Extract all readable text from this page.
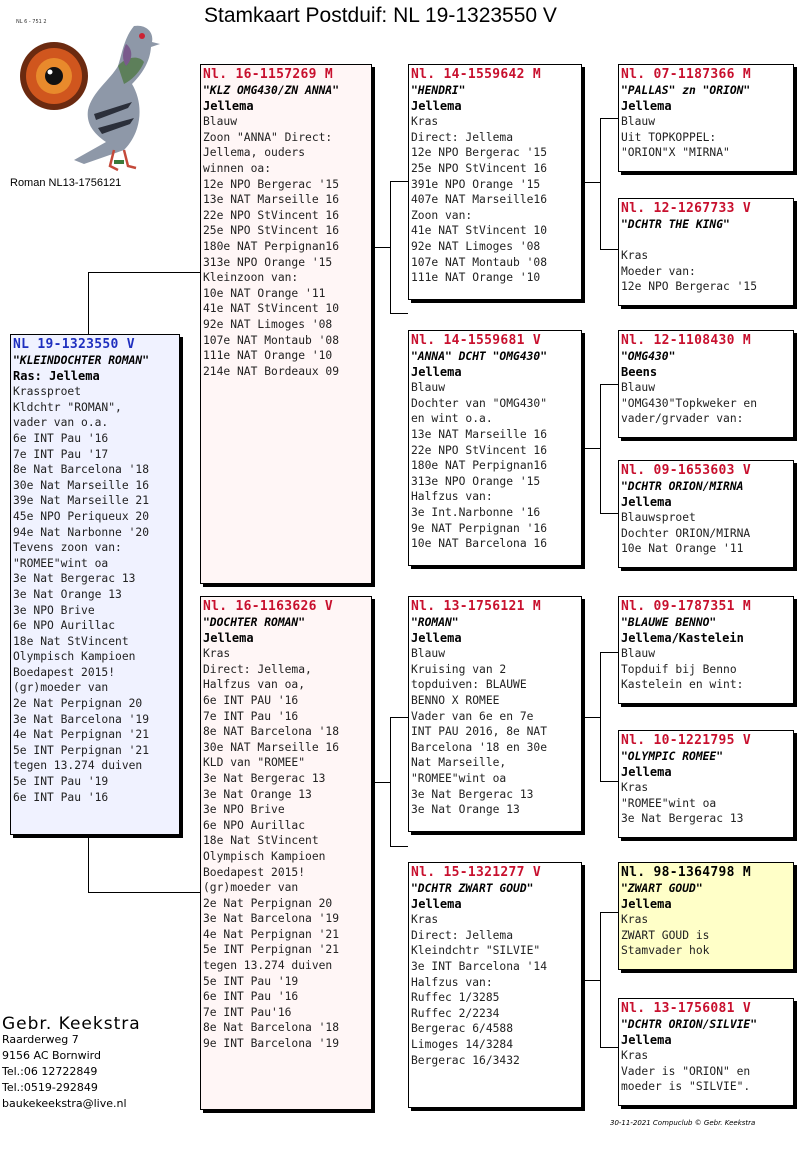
Stamkaart Postduif: NL 19-1323550 V
NL 6 - 751 2
Roman NL13-1756121
NL 19-1323550 V
"KLEINDOCHTER ROMAN"
Ras: Jellema
Krassproet
Kldchtr "ROMAN",
vader van o.a.
6e INT Pau '16
7e INT Pau '17
8e Nat Barcelona '18
30e Nat Marseille 16
39e Nat Marseille 21
45e NPO Periqueux 20
94e Nat Narbonne '20
Tevens zoon van:
"ROMEE"wint oa
3e Nat Bergerac 13
3e Nat Orange 13
3e NPO Brive
6e NPO Aurillac
18e Nat StVincent
Olympisch Kampioen
Boedapest 2015!
(gr)moeder van
2e Nat Perpignan 20
3e Nat Barcelona '19
4e Nat Perpignan '21
5e INT Perpignan '21
tegen 13.274 duiven
5e INT Pau '19
6e INT Pau '16
Nl. 16-1157269 M
"KLZ OMG430/ZN ANNA"
Jellema
Blauw
Zoon "ANNA" Direct:
Jellema, ouders
winnen oa:
12e NPO Bergerac '15
13e NAT Marseille 16
22e NPO StVincent 16
25e NPO StVincent 16
180e NAT Perpignan16
313e NPO Orange '15
Kleinzoon van:
10e NAT Orange '11
41e NAT StVincent 10
92e NAT Limoges '08
107e NAT Montaub '08
111e NAT Orange '10
214e NAT Bordeaux 09
Nl. 16-1163626 V
"DOCHTER ROMAN"
Jellema
Kras
Direct: Jellema,
Halfzus van oa,
6e INT PAU '16
7e INT Pau '16
8e NAT Barcelona '18
30e NAT Marseille 16
KLD van "ROMEE"
3e Nat Bergerac 13
3e Nat Orange 13
3e NPO Brive
6e NPO Aurillac
18e Nat StVincent
Olympisch Kampioen
Boedapest 2015!
(gr)moeder van
2e Nat Perpignan 20
3e Nat Barcelona '19
4e Nat Perpignan '21
5e INT Perpignan '21
tegen 13.274 duiven
5e INT Pau '19
6e INT Pau '16
7e INT Pau'16
8e Nat Barcelona '18
9e INT Barcelona '19
Nl. 14-1559642 M
"HENDRI"
Jellema
Kras
Direct: Jellema
12e NPO Bergerac '15
25e NPO StVincent 16
391e NPO Orange '15
407e NAT Marseille16
Zoon van:
41e NAT StVincent 10
92e NAT Limoges '08
107e NAT Montaub '08
111e NAT Orange '10
Nl. 14-1559681 V
"ANNA" DCHT "OMG430"
Jellema
Blauw
Dochter van "OMG430"
en wint o.a.
13e NAT Marseille 16
22e NPO StVincent 16
180e NAT Perpignan16
313e NPO Orange '15
Halfzus van:
3e Int.Narbonne '16
9e NAT Perpignan '16
10e NAT Barcelona 16
Nl. 13-1756121 M
"ROMAN"
Jellema
Blauw
Kruising van 2
topduiven: BLAUWE
BENNO X ROMEE
Vader van 6e en 7e
INT PAU 2016, 8e NAT
Barcelona '18 en 30e
Nat Marseille,
"ROMEE"wint oa
3e Nat Bergerac 13
3e Nat Orange 13
Nl. 15-1321277 V
"DCHTR ZWART GOUD"
Jellema
Kras
Direct: Jellema
Kleindchtr "SILVIE"
3e INT Barcelona '14
Halfzus van:
Ruffec 1/3285
Ruffec 2/2234
Bergerac 6/4588
Limoges 14/3284
Bergerac 16/3432
Nl. 07-1187366 M
"PALLAS" zn "ORION"
Jellema
Blauw
Uit TOPKOPPEL:
"ORION"X "MIRNA"
Nl. 12-1267733 V
"DCHTR THE KING"

Kras
Moeder van:
12e NPO Bergerac '15
Nl. 12-1108430 M
"OMG430"
Beens
Blauw
"OMG430"Topkweker en
vader/grvader van:
Nl. 09-1653603 V
"DCHTR ORION/MIRNA
Jellema
Blauwsproet
Dochter ORION/MIRNA
10e Nat Orange '11
Nl. 09-1787351 M
"BLAUWE BENNO"
Jellema/Kastelein
Blauw
Topduif bij Benno
Kastelein en wint:
Nl. 10-1221795 V
"OLYMPIC ROMEE"
Jellema
Kras
"ROMEE"wint oa
3e Nat Bergerac 13
Nl. 98-1364798 M
"ZWART GOUD"
Jellema
Kras
ZWART GOUD is
Stamvader hok
Nl. 13-1756081 V
"DCHTR ORION/SILVIE"
Jellema
Kras
Vader is "ORION" en
moeder is "SILVIE".
Gebr. Keekstra
Raarderweg 7
9156 AC Bornwird
Tel.:06 12722849
Tel.:0519-292849
baukekeekstra@live.nl
30-11-2021 Compuclub © Gebr. Keekstra
